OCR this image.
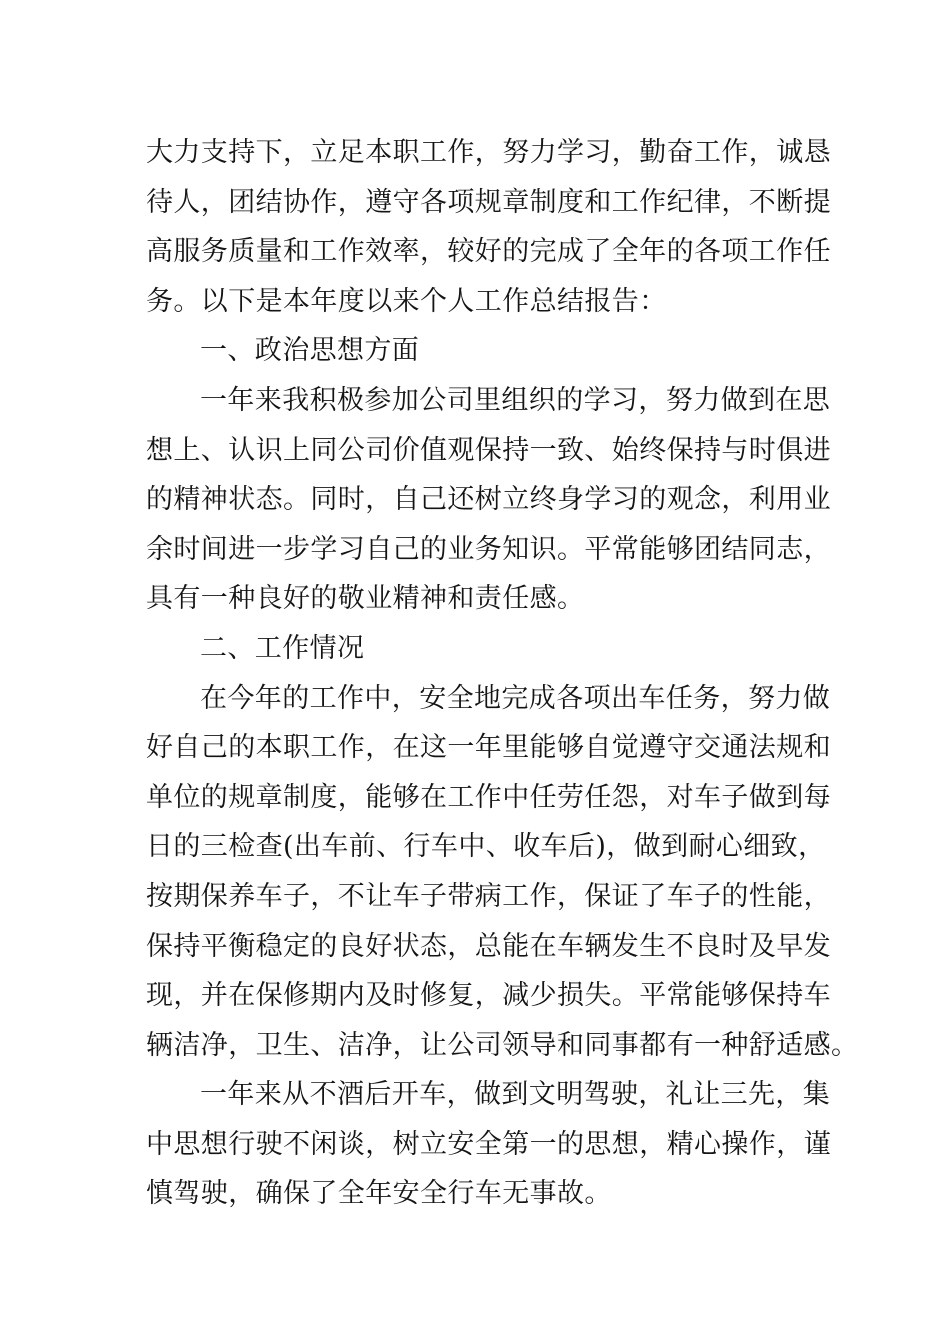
大力支持下，立足本职工作，努力学习，勤奋工作，诚恳
待人，团结协作，遵守各项规章制度和工作纪律，不断提
高服务质量和工作效率，较好的完成了全年的各项工作任
务。以下是本年度以来个人工作总结报告：
一、政治思想方面
一年来我积极参加公司里组织的学习，努力做到在思
想上、认识上同公司价值观保持一致、始终保持与时俱进
的精神状态。同时，自己还树立终身学习的观念，利用业
余时间进一步学习自己的业务知识。平常能够团结同志，
具有一种良好的敬业精神和责任感。
二、工作情况
在今年的工作中，安全地完成各项出车任务，努力做
好自己的本职工作，在这一年里能够自觉遵守交通法规和
单位的规章制度，能够在工作中任劳任怨，对车子做到每
日的三检查(出车前、行车中、收车后)，做到耐心细致，
按期保养车子，不让车子带病工作，保证了车子的性能，
保持平衡稳定的良好状态，总能在车辆发生不良时及早发
现，并在保修期内及时修复，减少损失。平常能够保持车
辆洁净，卫生、洁净，让公司领导和同事都有一种舒适感。
一年来从不酒后开车，做到文明驾驶，礼让三先，集
中思想行驶不闲谈，树立安全第一的思想，精心操作，谨
慎驾驶，确保了全年安全行车无事故。
